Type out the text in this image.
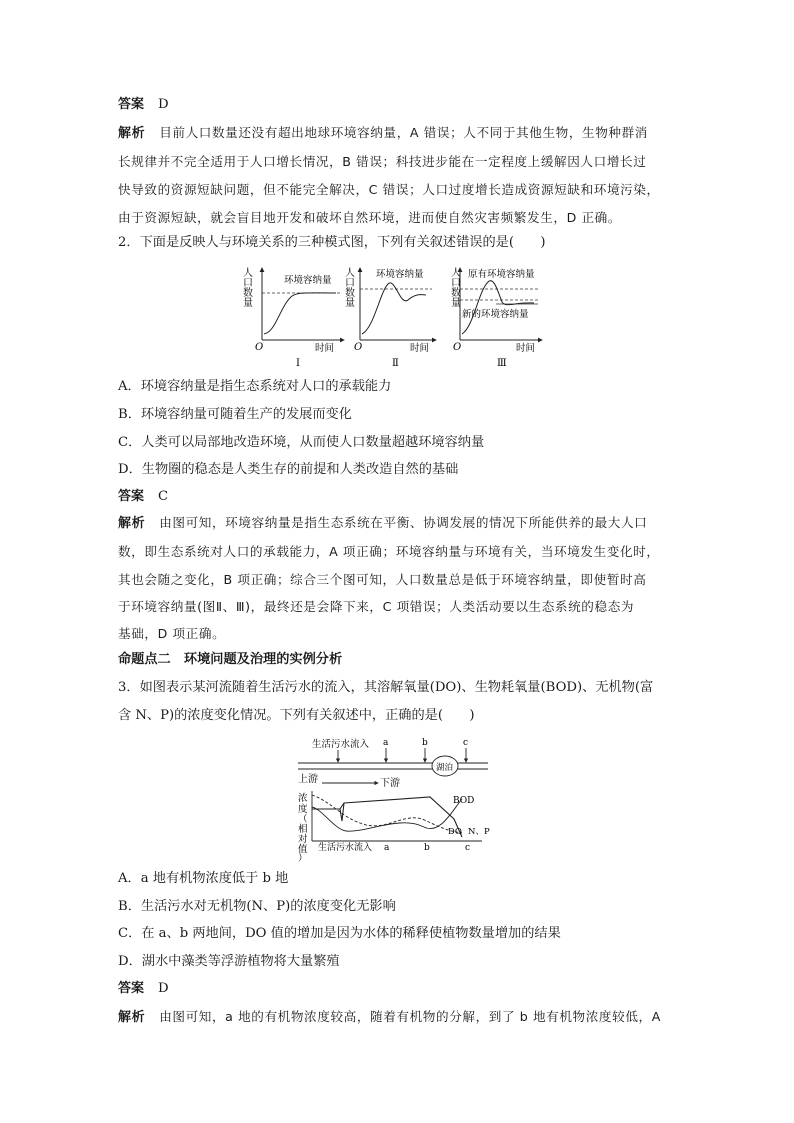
答案 D
解析 目前人口数量还没有超出地球环境容纳量，A 错误；人不同于其他生物，生物种群消
长规律并不完全适用于人口增长情况，B 错误；科技进步能在一定程度上缓解因人口增长过
快导致的资源短缺问题，但不能完全解决，C 错误；人口过度增长造成资源短缺和环境污染，
由于资源短缺，就会盲目地开发和破坏自然环境，进而使自然灾害频繁发生，D 正确。
2．下面是反映人与环境关系的三种模式图，下列有关叙述错误的是(　　)
人
口
数
量
O	时间
环境容纳量
Ⅰ
人
口
数
量
O	时间
环境容纳量
Ⅱ
人
口
数
量
O	时间
原有环境容纳量
新的环境容纳量
Ⅲ
A．环境容纳量是指生态系统对人口的承载能力
B．环境容纳量可随着生产的发展而变化
C．人类可以局部地改造环境，从而使人口数量超越环境容纳量
D．生物圈的稳态是人类生存的前提和人类改造自然的基础
答案 C
解析 由图可知，环境容纳量是指生态系统在平衡、协调发展的情况下所能供养的最大人口
数，即生态系统对人口的承载能力，A 项正确；环境容纳量与环境有关，当环境发生变化时，
其也会随之变化，B 项正确；综合三个图可知，人口数量总是低于环境容纳量，即使暂时高
于环境容纳量(图Ⅱ、Ⅲ)，最终还是会降下来，C 项错误；人类活动要以生态系统的稳态为
基础，D 项正确。
命题点二　环境问题及治理的实例分析
3．如图表示某河流随着生活污水的流入，其溶解氧量(DO)、生物耗氧量(BOD)、无机物(富
含 N、P)的浓度变化情况。下列有关叙述中，正确的是(　　)
生活污水流入 a	b	c
湖泊
上游	下游
浓
度
（
相
对
值
）
BOD
DO N、P
生活污水流入 a	b	c
A．a 地有机物浓度低于 b 地
B．生活污水对无机物(N、P)的浓度变化无影响
C．在 a、b 两地间，DO 值的增加是因为水体的稀释使植物数量增加的结果
D．湖水中藻类等浮游植物将大量繁殖
答案 D
解析 由图可知，a 地的有机物浓度较高，随着有机物的分解，到了 b 地有机物浓度较低，A
